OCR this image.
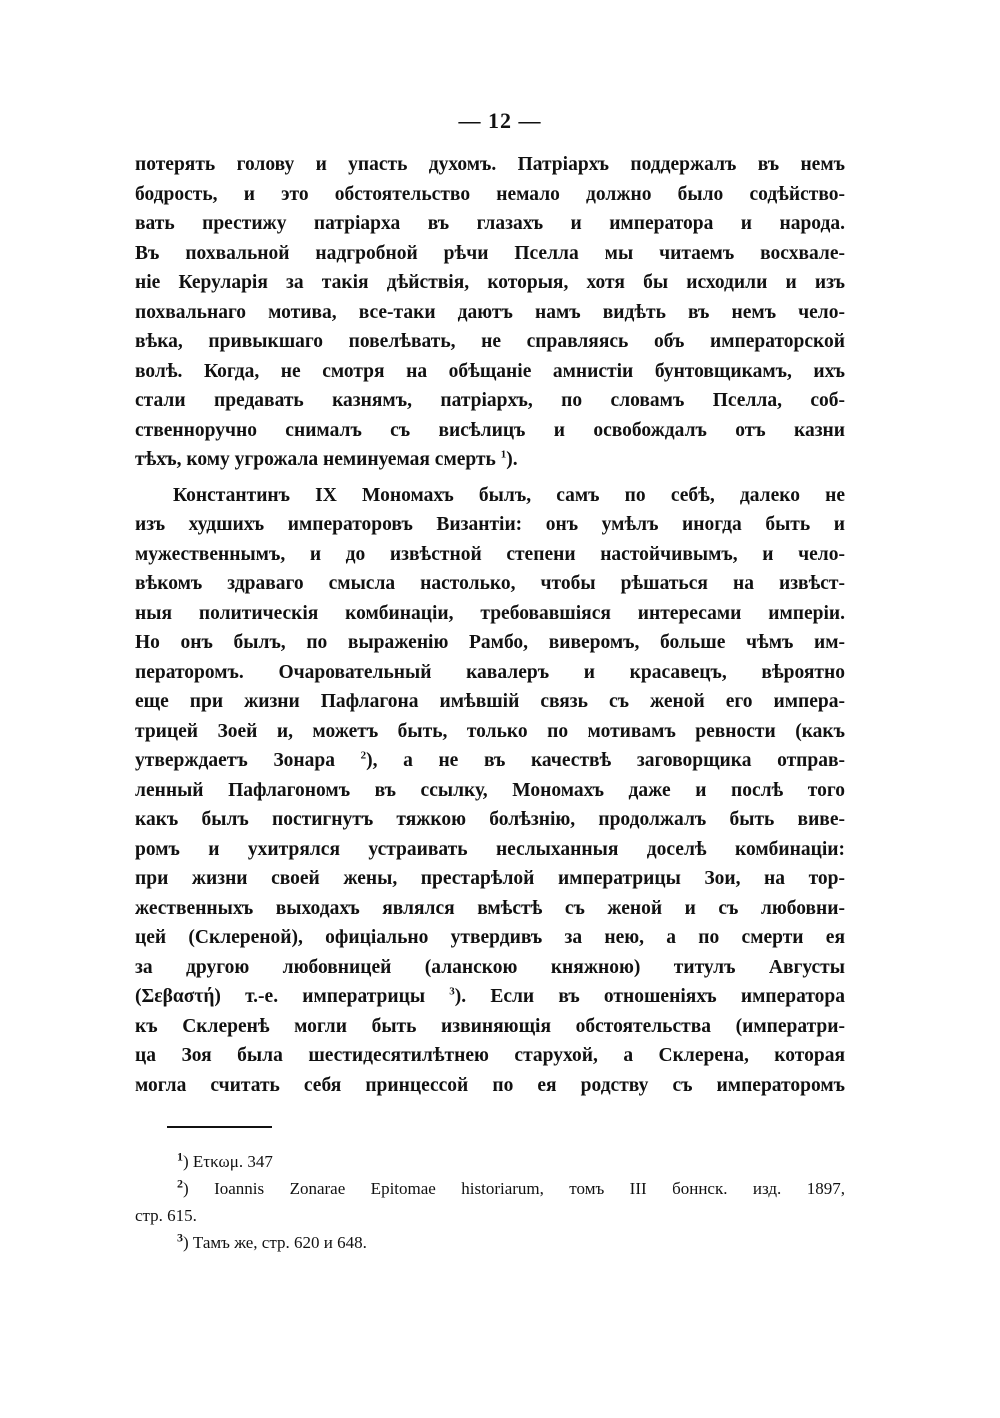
— 12 —
потерять голову и упасть духомъ. Патріархъ поддержалъ въ немъ
бодрость, и это обстоятельство немало должно было содѣйство-
вать престижу патріарха въ глазахъ и императора и народа.
Въ похвальной надгробной рѣчи Пселла мы читаемъ восхвале-
ніе Керуларія за такія дѣйствія, которыя, хотя бы исходили и изъ
похвальнаго мотива, все-таки даютъ намъ видѣть въ немъ чело-
вѣка, привыкшаго повелѣвать, не справляясь объ императорской
волѣ. Когда, не смотря на обѣщаніе амнистіи бунтовщикамъ, ихъ
стали предавать казнямъ, патріархъ, по словамъ Пселла, соб-
ственноручно снималъ съ висѣлицъ и освобождалъ отъ казни
тѣхъ, кому угрожала неминуемая смерть $^1$).
Константинъ IX Мономахъ былъ, самъ по себѣ, далеко не
изъ худшихъ императоровъ Византіи: онъ умѣлъ иногда быть и
мужественнымъ, и до извѣстной степени настойчивымъ, и чело-
вѣкомъ здраваго смысла настолько, чтобы рѣшаться на извѣст-
ныя политическія комбинаціи, требовавшіяся интересами имперіи.
Но онъ былъ, по выраженію Рамбо, виверомъ, больше чѣмъ им-
ператоромъ. Очаровательный кавалеръ и красавецъ, вѣроятно
еще при жизни Пафлагона имѣвшій связь съ женой его импера-
трицей Зоей и, можетъ быть, только по мотивамъ ревности (какъ
утверждаетъ Зонара $^2$), а не въ качествѣ заговорщика отправ-
ленный Пафлагономъ въ ссылку, Мономахъ даже и послѣ того
какъ былъ постигнутъ тяжкою болѣзнію, продолжалъ быть виве-
ромъ и ухитрялся устраивать неслыханныя доселѣ комбинаціи:
при жизни своей жены, престарѣлой императрицы Зои, на тор-
жественныхъ выходахъ являлся вмѣстѣ съ женой и съ любовни-
цей (Склереной), офиціально утвердивъ за нею, а по смерти ея
за другою любовницей (аланскою княжною) титулъ Августы
(Σεβαστή) т.-е. императрицы $^3$). Если въ отношеніяхъ императора
къ Склеренѣ могли быть извиняющія обстоятельства (императри-
ца Зоя была шестидесятилѣтнею старухой, а Склерена, которая
могла считать себя принцессой по ея родству съ императоромъ
$^1$) Ετκωμ. 347
$^2$) Ioannis Zonarae Epitomae historiarum, томъ III боннск. изд. 1897,
стр. 615.
$^3$) Тамъ же, стр. 620 и 648.
